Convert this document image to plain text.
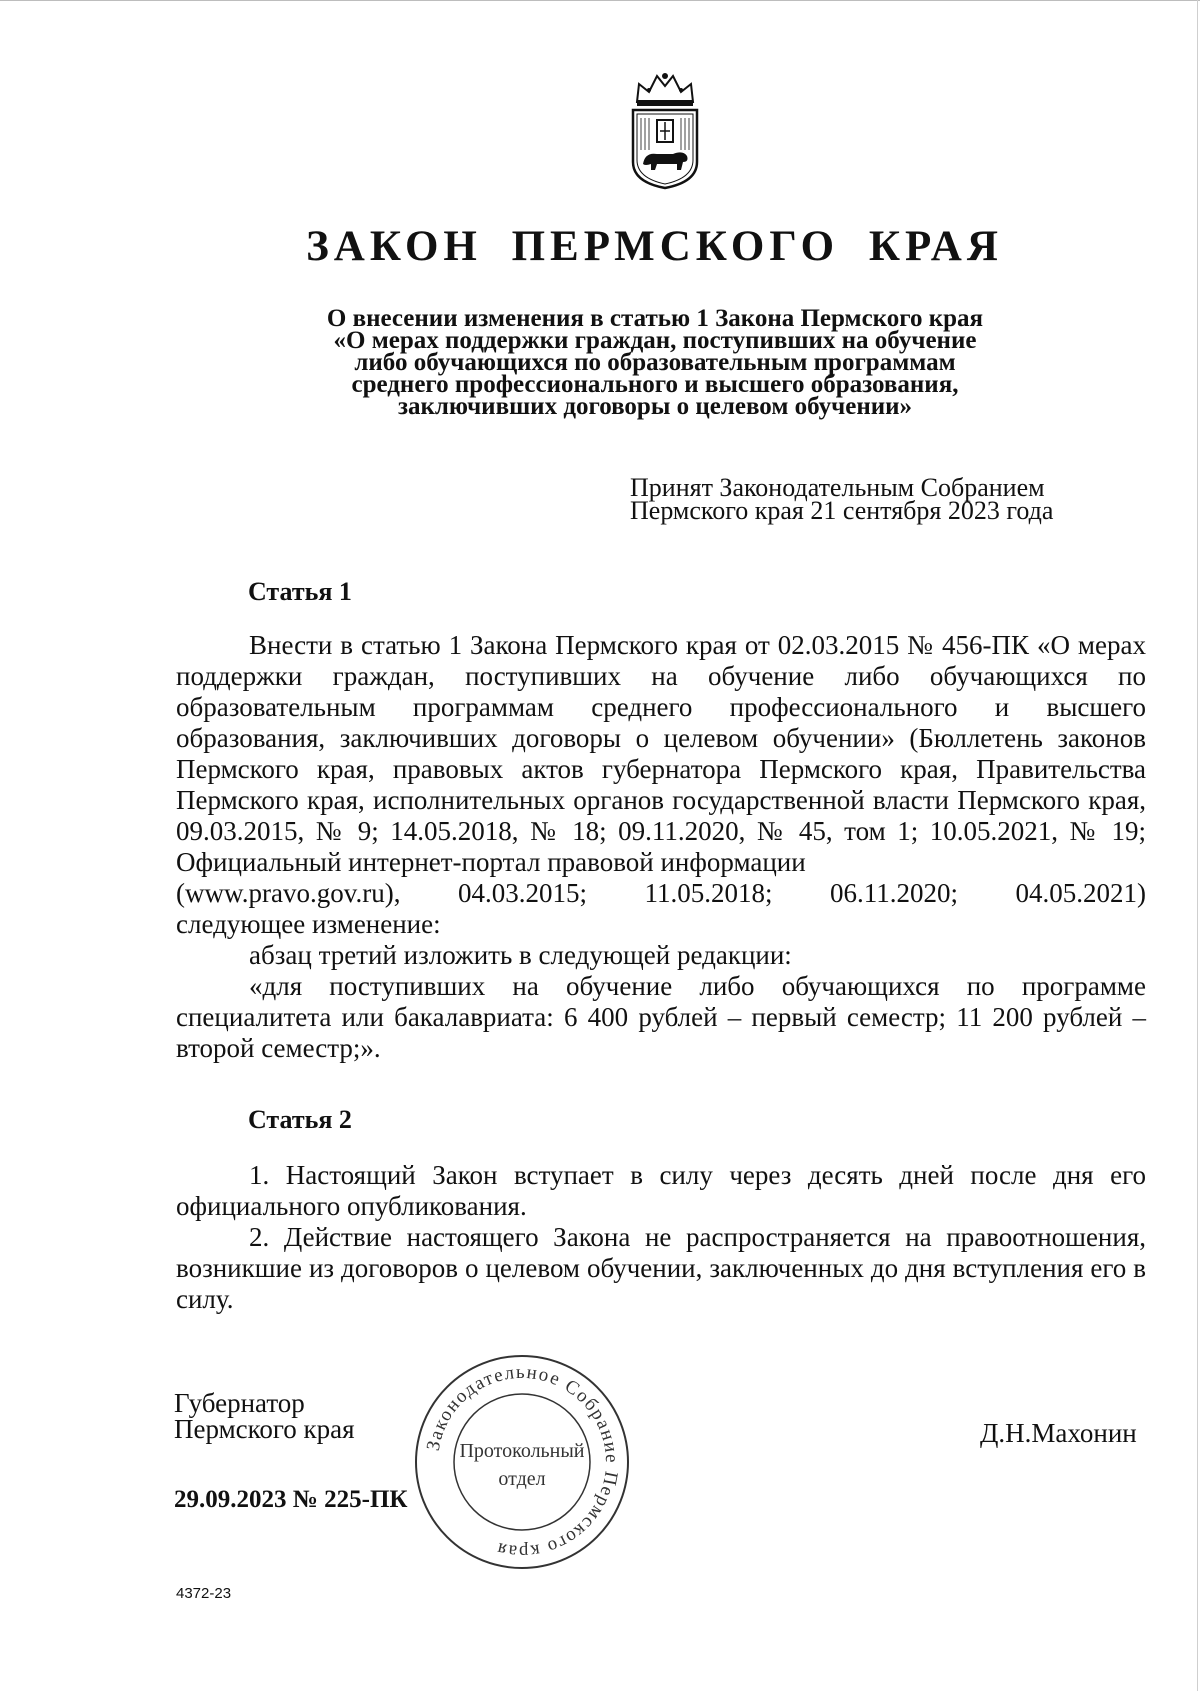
ЗАКОН ПЕРМСКОГО КРАЯ
О внесении изменения в статью 1 Закона Пермского края
«О мерах поддержки граждан, поступивших на обучение
либо обучающихся по образовательным программам
среднего профессионального и высшего образования,
заключивших договоры о целевом обучении»
Принят Законодательным Собранием
Пермского края 21 сентября 2023 года
Статья 1

Внести в статью 1 Закона Пермского края от 02.03.2015 № 456-ПК «О мерах поддержки граждан, поступивших на обучение либо обучающихся по образовательным программам среднего профессионального и высшего образования, заключивших договоры о целевом обучении» (Бюллетень законов Пермского края, правовых актов губернатора Пермского края, Правительства Пермского края, исполнительных органов государственной власти Пермского края, 09.03.2015, № 9; 14.05.2018, № 18; 09.11.2020, № 45, том 1; 10.05.2021, № 19; Официальный интернет-портал правовой информации

(www.pravo.gov.ru), 04.03.2015; 11.05.2018; 06.11.2020; 04.05.2021)
следующее изменение:

абзац третий изложить в следующей редакции:

«для поступивших на обучение либо обучающихся по программе специалитета или бакалавриата: 6 400 рублей – первый семестр; 11 200 рублей – второй семестр;».

Статья 2

1. Настоящий Закон вступает в силу через десять дней после дня его официального опубликования.

2. Действие настоящего Закона не распространяется на правоотношения, возникшие из договоров о целевом обучении, заключенных до дня вступления его в силу.

Губернатор
Пермского края	Д.Н.Махонин
29.09.2023 № 225-ПК
Законодательное Собрание Пермского края
Протокольный
отдел
4372-23
